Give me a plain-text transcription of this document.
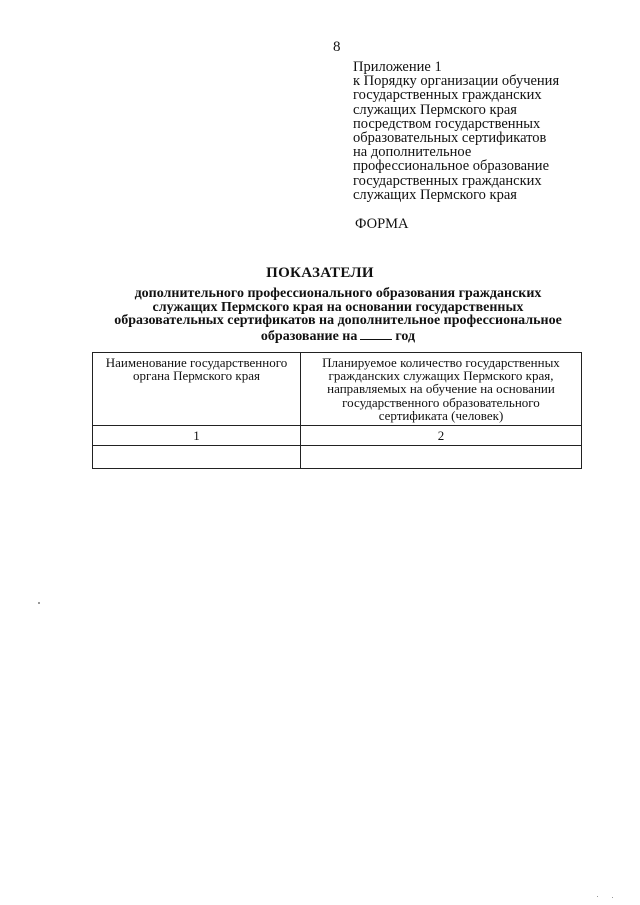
8
Приложение 1
к Порядку организации обучения
государственных гражданских
служащих Пермского края
посредством государственных
образовательных сертификатов
на дополнительное
профессиональное образование
государственных гражданских
служащих Пермского края
ФОРМА
ПОКАЗАТЕЛИ
дополнительного профессионального образования гражданских
служащих Пермского края на основании государственных
образовательных сертификатов на дополнительное профессиональное
образование на	год
Наименование государственного органа Пермского края	Планируемое количество государственных гражданских служащих Пермского края, направляемых на обучение на основании государственного образовательного сертификата (человек)
1	2
